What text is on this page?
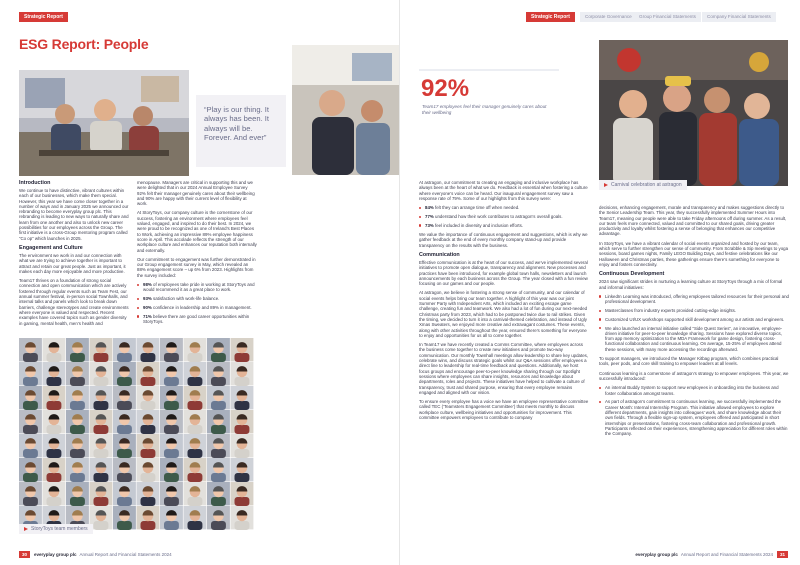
Strategic Report
ESG Report: People
“Play is our thing. It always has been. It always will be. Forever. And ever”
Introduction

We continue to have distinctive, vibrant cultures within each of our businesses, which make them special. However, this year we have come closer together in a number of ways and in January 2025 we announced our rebranding to become everyplay group plc. This rebranding is leading to new ways to naturally share and learn from one another and also to unlock new career possibilities for our employees across the Group. The first initiative is a cross-Group mentoring program called “Co op” which launches in 2025.

Engagement and Culture

The environment we work in and our connection with what we are trying to achieve together is important to attract and retain our great people. Just as important, it makes each day more enjoyable and more productive.

Team17 thrives on a foundation of strong social connection and open communication which are actively fostered through regular events such as Team Fest, our annual summer festival, in-person social Townhalls, and internal talks and panels which look to break down barriers, challenge stereotypes and create environments where everyone is valued and respected. Recent examples have covered topics such as gender diversity in gaming, mental health, men’s health and

menopause. Managers are critical in supporting this and we were delighted that in our 2024 Annual Employee Survey 92% felt their manager genuinely cares about their wellbeing and 90% are happy with their current level of flexibility at work.

At StoryToys, our company culture is the cornerstone of our success, fostering an environment where employees feel valued, engaged, and inspired to do their best. In 2024, we were proud to be recognized as one of Ireland’s Best Places to Work, achieving an impressive 89% employee happiness score in April. This accolade reflects the strength of our workplace culture and enhances our reputation both internally and externally.

Our commitment to engagement was further demonstrated in our Group engagement survey in May, which revealed an 88% engagement score – up 6% from 2023. Highlights from the survey included:

98% of employees take pride in working at StoryToys and would recommend it as a great place to work.
93% satisfaction with work-life balance.
90% confidence in leadership and 89% in management.
71% believe there are good career opportunities within StoryToys.
StoryToys team members
30	everyplay group plc Annual Report and Financial Statements 2024
Strategic Report	Corporate Governance	Group Financial Statements	Company Financial Statements
92%
Team17 employees feel their manager genuinely cares about their wellbeing
Carnival celebration at astragon

At astragon, our commitment to creating an engaging and inclusive workplace has always been at the heart of what we do. Feedback is essential when fostering a culture where everyone’s voice can be heard. Our inaugural engagement survey saw a response rate of 79%. Some of our highlights from this survey were:

84% felt they can arrange time off when needed.
77% understand how their work contributes to astragon’s overall goals.
73% feel included in diversity and inclusion efforts.

We value the importance of continuous engagement and suggestions, which is why we gather feedback at the end of every monthly company stand-up and provide transparency on the results with the business.

Communication

Effective communication is at the heart of our success, and we’ve implemented several initiatives to promote open dialogue, transparency and alignment. New processes and practices have been introduced, for example global town halls, newsletters and launch announcements by each business across the Group. The year closed with a fun review focusing on our games and our people.

At astragon, we believe in fostering a strong sense of community, and our calendar of social events helps bring our team together. A highlight of this year was our joint Summer Party with Independent Arts, which included an exciting escape game challenge, creating fun and teamwork. We also had a lot of fun during our next-needed Christmas party from 2023, which had to be postponed twice due to rail strikes. Given the timing, we decided to turn it into a carnival-themed celebration, and instead of Ugly Xmas Sweaters, we enjoyed more creative and extravagant costumes. These events, along with other activities throughout the year, ensured there’s something for everyone to enjoy and opportunities for us all to come together.

In Team17 we have recently created a Comms Committee, where employees across the business come together to create new initiatives and promote two-way communication. Our monthly Townhall meetings allow leadership to share key updates, celebrate wins, and discuss strategic goals whilst our Q&A sessions offer employees a direct line to leadership for real-time feedback and questions. Additionally, we host focus groups and encourage peer-to-peer knowledge sharing through our Spotlight sessions where employees can share insights, resources and knowledge about departments, roles and projects. These initiatives have helped to cultivate a culture of transparency, trust and shared purpose, ensuring that every employee remains engaged and aligned with our vision.

To ensure every employee has a voice we have an employee representative committee called TEC (‘Teamsters Engagement Committee’) that meets monthly to discuss workplace culture, wellbeing initiatives and opportunities for improvement. This committee empowers employees to contribute to company

decisions, enhancing engagement, morale and transparency and makes suggestions directly to the Senior Leadership Team. This year, they successfully implemented Summer Hours into Team17, meaning our people were able to take Friday afternoons off during summer. As a result, our team feels more connected, valued and committed to our shared goals, driving greater productivity and loyalty whilst fostering a sense of belonging that enhances our competitive advantage.

In StoryToys, we have a vibrant calendar of social events organized and hosted by our team, which serve to further strengthen our sense of community. From Scrabble & Sip meetings to yoga sessions, board games nights, Family LEGO Building Days, and festive celebrations like our Halloween and Christmas parties, these gatherings ensure there’s something for everyone to enjoy and fosters connectivity.

Continuous Development

2024 saw significant strides in nurturing a learning culture at StoryToys through a mix of formal and informal initiatives:

LinkedIn Learning was introduced, offering employees tailored resources for their personal and professional development.
Masterclasses from industry experts provided cutting-edge insights.
Customized UI/UX workshops supported skill development among our artists and engineers.
We also launched an internal initiative called “Side Quest Series”, an innovative, employee-driven initiative for peer-to-peer knowledge sharing. Sessions have explored diverse topics, from app memory optimization to the MDA Framework for game design, fostering cross-functional collaboration and continuous learning. On average, 15-25% of employees attend these sessions, with many more accessing the recordings afterward.

To support managers, we introduced the Manager Kitbag program, which combines practical tools, peer pods, and core skill training to empower leaders at all levels.

Continuous learning is a cornerstone of astragon’s strategy to empower employees. This year, we successfully introduced:

An internal Buddy System to support new employees in onboarding into the business and foster collaboration amongst teams.
As part of astragon’s commitment to continuous learning, we successfully implemented the Career Month: Internal Internship Program. This initiative allowed employees to explore different departments, gain insights into colleagues’ work, and share knowledge about their own fields. Through a flexible sign-up system, employees offered and participated in short internships or presentations, fostering cross-team collaboration and professional growth. Participants reflected on their experiences, strengthening appreciation for different roles within the Company.
everyplay group plc Annual Report and Financial Statements 2024	31
